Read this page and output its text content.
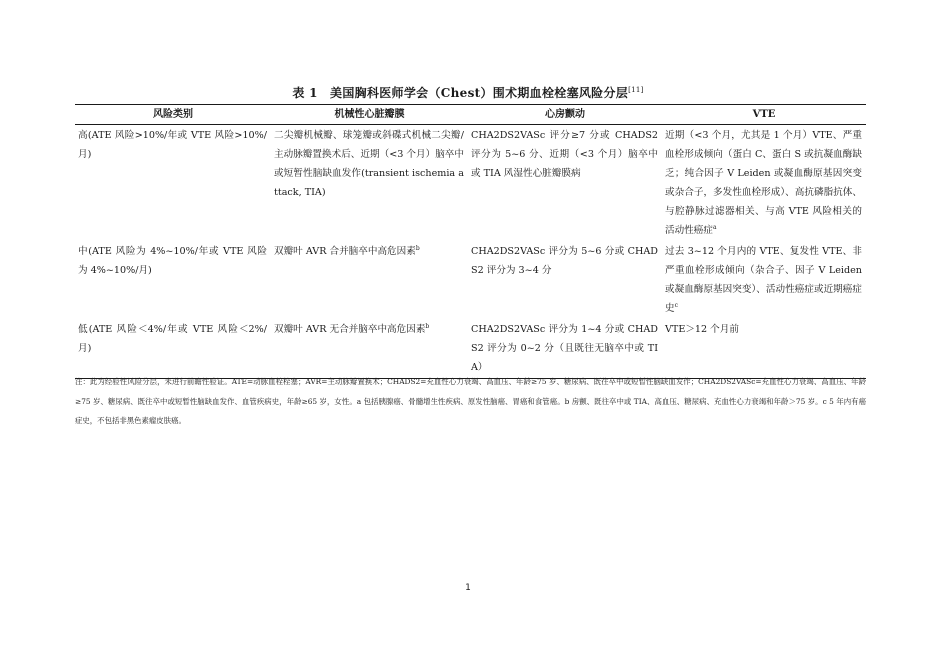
表 1　美国胸科医师学会（Chest）围术期血栓栓塞风险分层[11]
风险类别	机械性心脏瓣膜	心房颤动	VTE
高(ATE 风险>10%/年或 VTE 风险>10%/月)	二尖瓣机械瓣、球笼瓣或斜碟式机械二尖瓣/主动脉瓣置换术后、近期（<3 个月）脑卒中或短暂性脑缺血发作(transient ischemia attack, TIA)	CHA2DS2VASc 评分≥7 分或 CHADS2 评分为 5~6 分、近期（<3 个月）脑卒中或 TIA 风湿性心脏瓣膜病	近期（<3 个月，尤其是 1 个月）VTE、严重血栓形成倾向（蛋白 C、蛋白 S 或抗凝血酶缺乏；纯合因子 V Leiden 或凝血酶原基因突变或杂合子，多发性血栓形成）、高抗磷脂抗体、与腔静脉过滤器相关、与高 VTE 风险相关的活动性癌症$^a$
中(ATE 风险为 4%~10%/年或 VTE 风险为 4%~10%/月)	双瓣叶 AVR 合并脑卒中高危因素$^b$	CHA2DS2VASc 评分为 5~6 分或 CHADS2 评分为 3~4 分	过去 3~12 个月内的 VTE、复发性 VTE、非严重血栓形成倾向（杂合子、因子 V Leiden 或凝血酶原基因突变）、活动性癌症或近期癌症史$^c$
低(ATE 风险＜4%/年或 VTE 风险＜2%/月)	双瓣叶 AVR 无合并脑卒中高危因素$^b$	CHA2DS2VASc 评分为 1~4 分或 CHADS2 评分为 0~2 分（且既往无脑卒中或 TIA）	VTE＞12 个月前
注：此为经验性风险分层，未进行前瞻性验证。ATE=动脉血栓栓塞；AVR=主动脉瓣置换术；CHADS2=充血性心力衰竭、高血压、年龄≥75 岁、糖尿病、既往卒中或短暂性脑缺血发作；CHA2DS2VASc=充血性心力衰竭、高血压、年龄≥75 岁、糖尿病、既往卒中或短暂性脑缺血发作、血管疾病史，年龄≥65 岁，女性。a 包括胰腺癌、骨髓增生性疾病、原发性脑癌、胃癌和食管癌。b 房颤、既往卒中或 TIA、高血压、糖尿病、充血性心力衰竭和年龄＞75 岁。c 5 年内有癌症史，不包括非黑色素瘤皮肤癌。
1
